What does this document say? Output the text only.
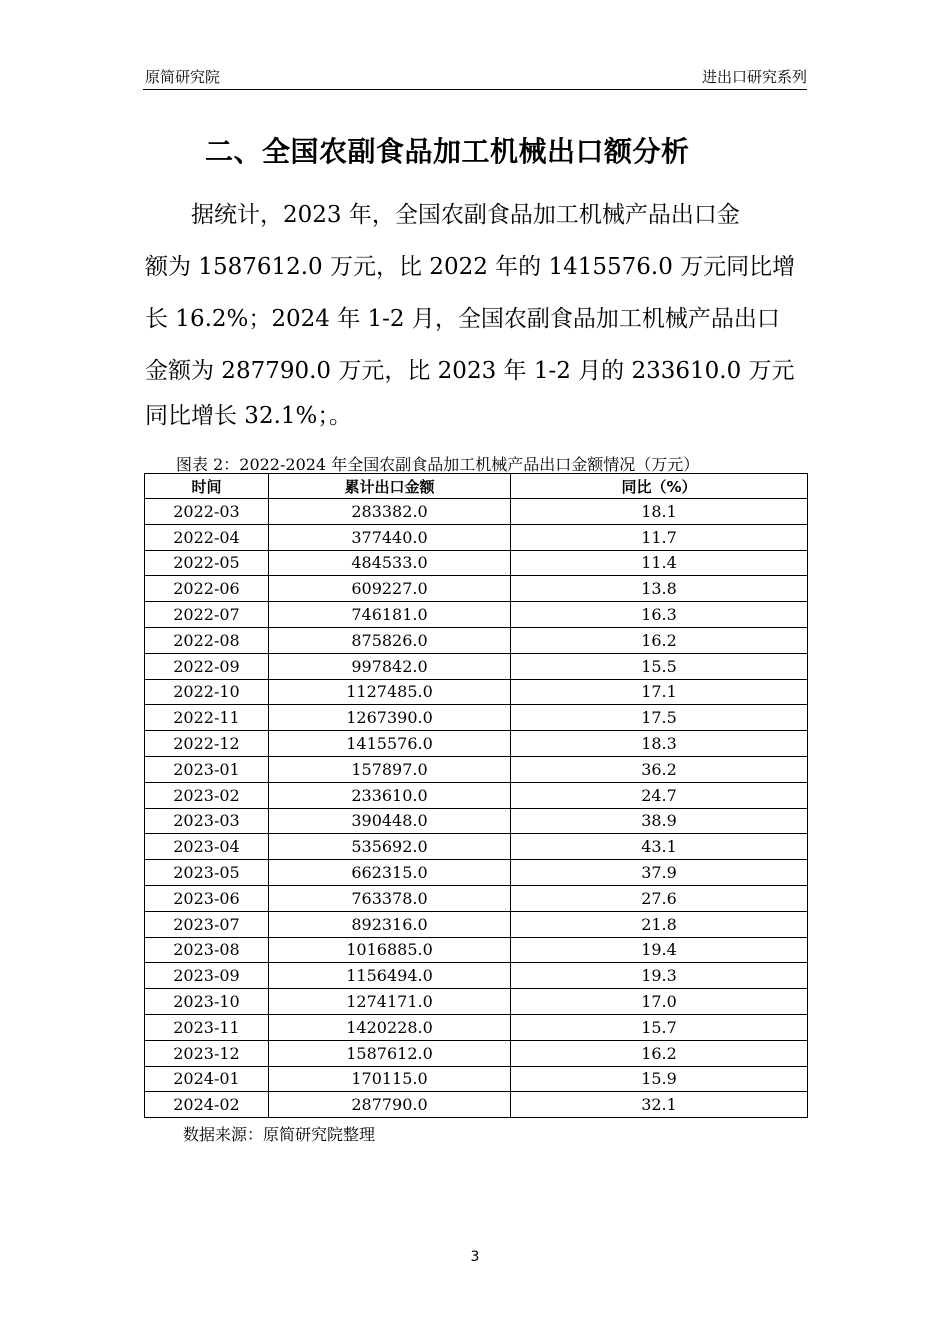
原简研究院	进出口研究系列
二、全国农副食品加工机械出口额分析
　　据统计，2023 年，全国农副食品加工机械产品出口金
额为 1587612.0 万元，比 2022 年的 1415576.0 万元同比增
长 16.2%；2024 年 1-2 月，全国农副食品加工机械产品出口
金额为 287790.0 万元，比 2023 年 1-2 月的 233610.0 万元
同比增长 32.1%；。
图表 2：2022-2024 年全国农副食品加工机械产品出口金额情况（万元）
时间	累计出口金额	同比（%）
2022-03	283382.0	18.1
2022-04	377440.0	11.7
2022-05	484533.0	11.4
2022-06	609227.0	13.8
2022-07	746181.0	16.3
2022-08	875826.0	16.2
2022-09	997842.0	15.5
2022-10	1127485.0	17.1
2022-11	1267390.0	17.5
2022-12	1415576.0	18.3
2023-01	157897.0	36.2
2023-02	233610.0	24.7
2023-03	390448.0	38.9
2023-04	535692.0	43.1
2023-05	662315.0	37.9
2023-06	763378.0	27.6
2023-07	892316.0	21.8
2023-08	1016885.0	19.4
2023-09	1156494.0	19.3
2023-10	1274171.0	17.0
2023-11	1420228.0	15.7
2023-12	1587612.0	16.2
2024-01	170115.0	15.9
2024-02	287790.0	32.1
数据来源：原简研究院整理
3
